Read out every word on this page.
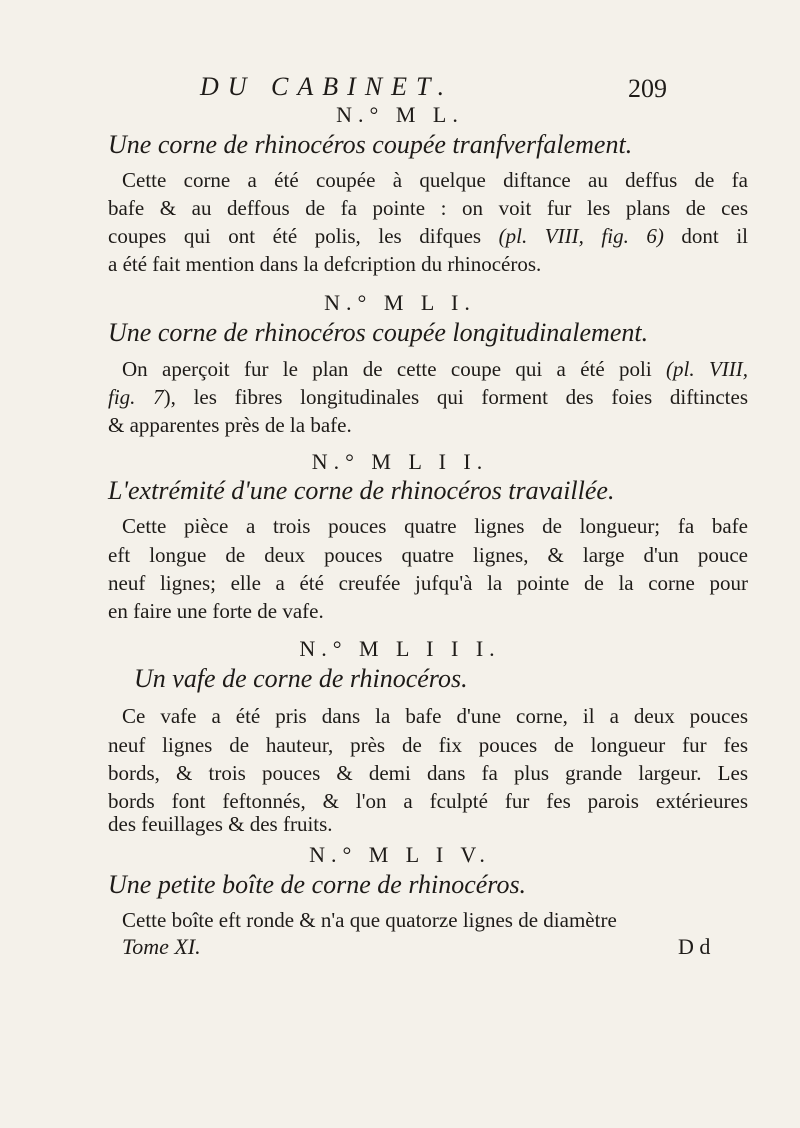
DU CABINET.	209
N.° M L.
Une corne de rhinocéros coupée tranfverfalement.
Cette corne a été coupée à quelque diftance au deffus de fa
bafe & au deffous de fa pointe : on voit fur les plans de ces
coupes qui ont été polis, les difques (pl. VIII, fig. 6) dont il
a été fait mention dans la defcription du rhinocéros.
N.° M L I.
Une corne de rhinocéros coupée longitudinalement.
On aperçoit fur le plan de cette coupe qui a été poli (pl. VIII,
fig. 7), les fibres longitudinales qui forment des foies diftinctes
& apparentes près de la bafe.
N.° M L I I.
L'extrémité d'une corne de rhinocéros travaillée.
Cette pièce a trois pouces quatre lignes de longueur; fa bafe
eft longue de deux pouces quatre lignes, & large d'un pouce
neuf lignes; elle a été creufée jufqu'à la pointe de la corne pour
en faire une forte de vafe.
N.° M L I I I.
Un vafe de corne de rhinocéros.
Ce vafe a été pris dans la bafe d'une corne, il a deux pouces
neuf lignes de hauteur, près de fix pouces de longueur fur fes
bords, & trois pouces & demi dans fa plus grande largeur. Les
bords font feftonnés, & l'on a fculpté fur fes parois extérieures
des feuillages & des fruits.
N.° M L I V.
Une petite boîte de corne de rhinocéros.
Cette boîte eft ronde & n'a que quatorze lignes de diamètre
Tome XI.	D d
